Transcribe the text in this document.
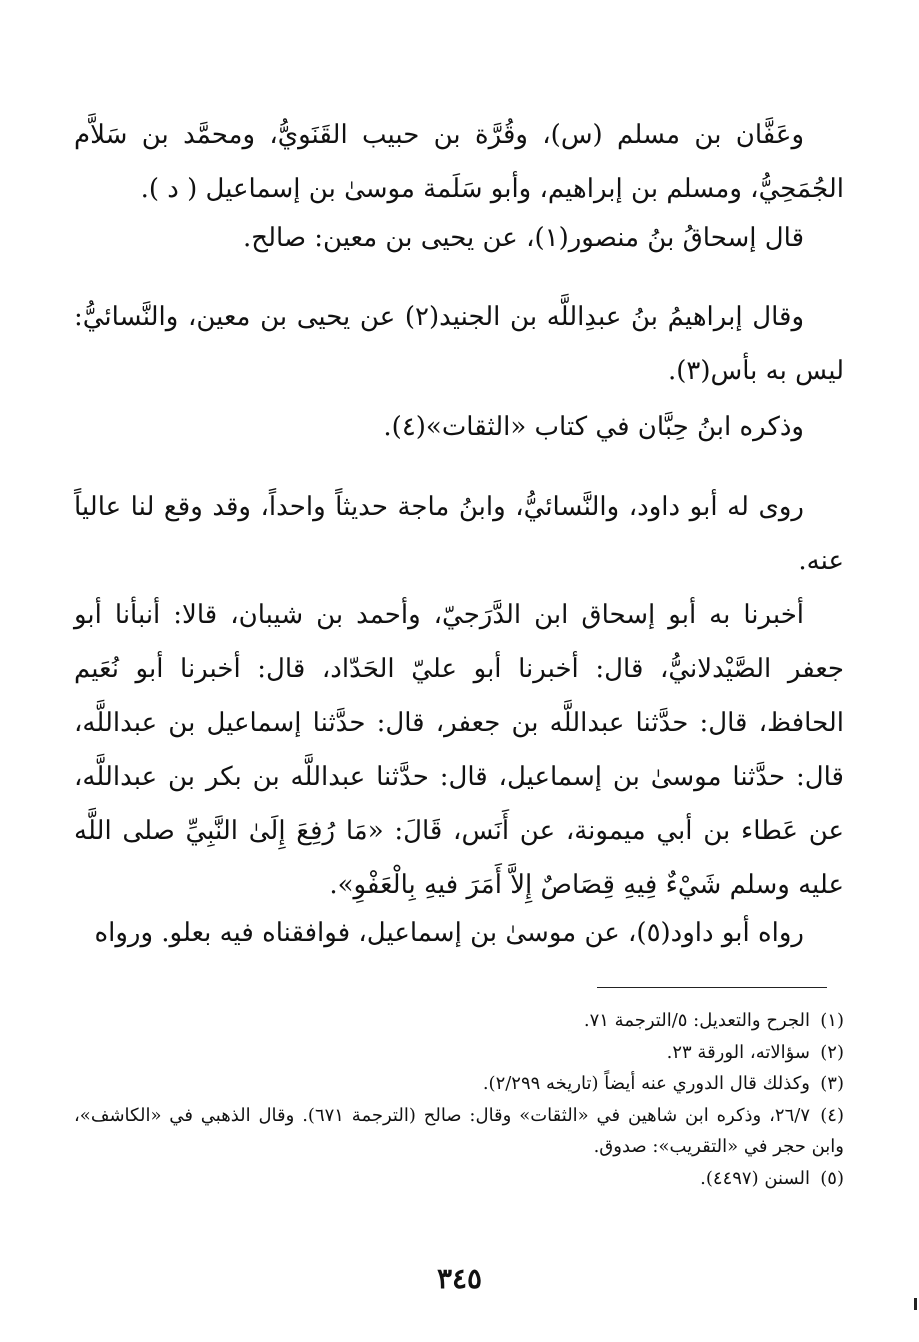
وعَفَّان بن مسلم (س)، وقُرَّة بن حبيب القَنَويُّ، ومحمَّد بن سَلاَّم الجُمَحِيُّ، ومسلم بن إبراهيم، وأبو سَلَمة موسىٰ بن إسماعيل ( د ).

قال إسحاقُ بنُ منصور(١)، عن يحيى بن معين: صالح.

وقال إبراهيمُ بنُ عبدِاللَّه بن الجنيد(٢) عن يحيى بن معين، والنَّسائيُّ: ليس به بأس(٣).

وذكره ابنُ حِبَّان في كتاب «الثقات»(٤).

روى له أبو داود، والنَّسائيُّ، وابنُ ماجة حديثاً واحداً، وقد وقع لنا عالياً عنه.

أخبرنا به أبو إسحاق ابن الدَّرَجيّ، وأحمد بن شيبان، قالا: أنبأنا أبو جعفر الصَّيْدلانيُّ، قال: أخبرنا أبو عليّ الحَدّاد، قال: أخبرنا أبو نُعَيم الحافظ، قال: حدَّثنا عبداللَّه بن جعفر، قال: حدَّثنا إسماعيل بن عبداللَّه، قال: حدَّثنا موسىٰ بن إسماعيل، قال: حدَّثنا عبداللَّه بن بكر بن عبداللَّه، عن عَطاء بن أبي ميمونة، عن أَنَس، قَالَ: «مَا رُفِعَ إِلَىٰ النَّبِيِّ صلى اللَّه عليه وسلم شَيْءٌ فِيهِ قِصَاصٌ إِلاَّ أَمَرَ فيهِ بِالْعَفْوِ».

رواه أبو داود(٥)، عن موسىٰ بن إسماعيل، فوافقناه فيه بعلو. ورواه

(١)الجرح والتعديل: ٥/الترجمة ٧١.

(٢)سؤالاته، الورقة ٢٣.

(٣)وكذلك قال الدوري عنه أيضاً (تاريخه ٢/٢٩٩).

(٤)٢٦/٧، وذكره ابن شاهين في «الثقات» وقال: صالح (الترجمة ٦٧١). وقال الذهبي في «الكاشف»، وابن حجر في «التقريب»: صدوق.

(٥)السنن (٤٤٩٧).

٣٤٥
